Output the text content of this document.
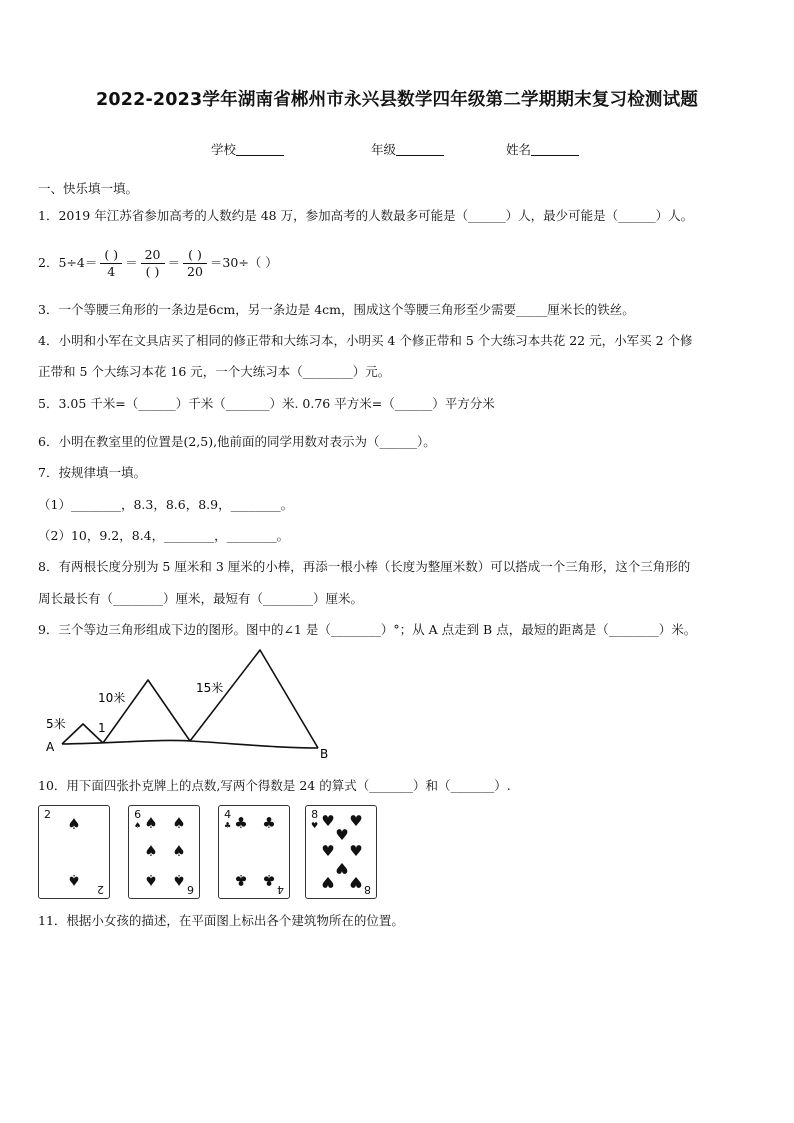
2022-2023学年湖南省郴州市永兴县数学四年级第二学期期末复习检测试题
学校	年级	姓名
一、快乐填一填。
1．2019 年江苏省参加高考的人数约是 48 万，参加高考的人数最多可能是（______）人，最少可能是（______）人。
2．$5\div 4= \frac{( )}{4} = \frac{20}{( )} = \frac{( )}{20} =30\div$（ ）
3．一个等腰三角形的一条边是6cm，另一条边是 4cm，围成这个等腰三角形至少需要_____厘米长的铁丝。
4．小明和小军在文具店买了相同的修正带和大练习本，小明买 4 个修正带和 5 个大练习本共花 22 元，小军买 2 个修
正带和 5 个大练习本花 16 元，一个大练习本（________）元。
5．3.05 千米=（______）千米（_______）米. 0.76 平方米=（______）平方分米
6．小明在教室里的位置是(2,5),他前面的同学用数对表示为（______）。
7．按规律填一填。
（1）________，8.3，8.6，8.9，________。
（2）10，9.2，8.4，________，________。
8．有两根长度分别为 5 厘米和 3 厘米的小棒，再添一根小棒（长度为整厘米数）可以搭成一个三角形，这个三角形的
周长最长有（________）厘米，最短有（________）厘米。
9．三个等边三角形组成下边的图形。图中的∠1 是（________）°；从 A 点走到 B 点，最短的距离是（________）米。
5米
10米
15米
1
A	B
10．用下面四张扑克牌上的点数,写两个得数是 24 的算式（_______）和（_______）.
2
♠
♠
2
6
♠ ♠ ♠
♠ ♠
♠ ♠
6
4
♣ ♣ ♣
♣ ♣
4
8
♥ ♥ ♥
♥
♥ ♥
♥
♥ ♥ 8
11．根据小女孩的描述，在平面图上标出各个建筑物所在的位置。
